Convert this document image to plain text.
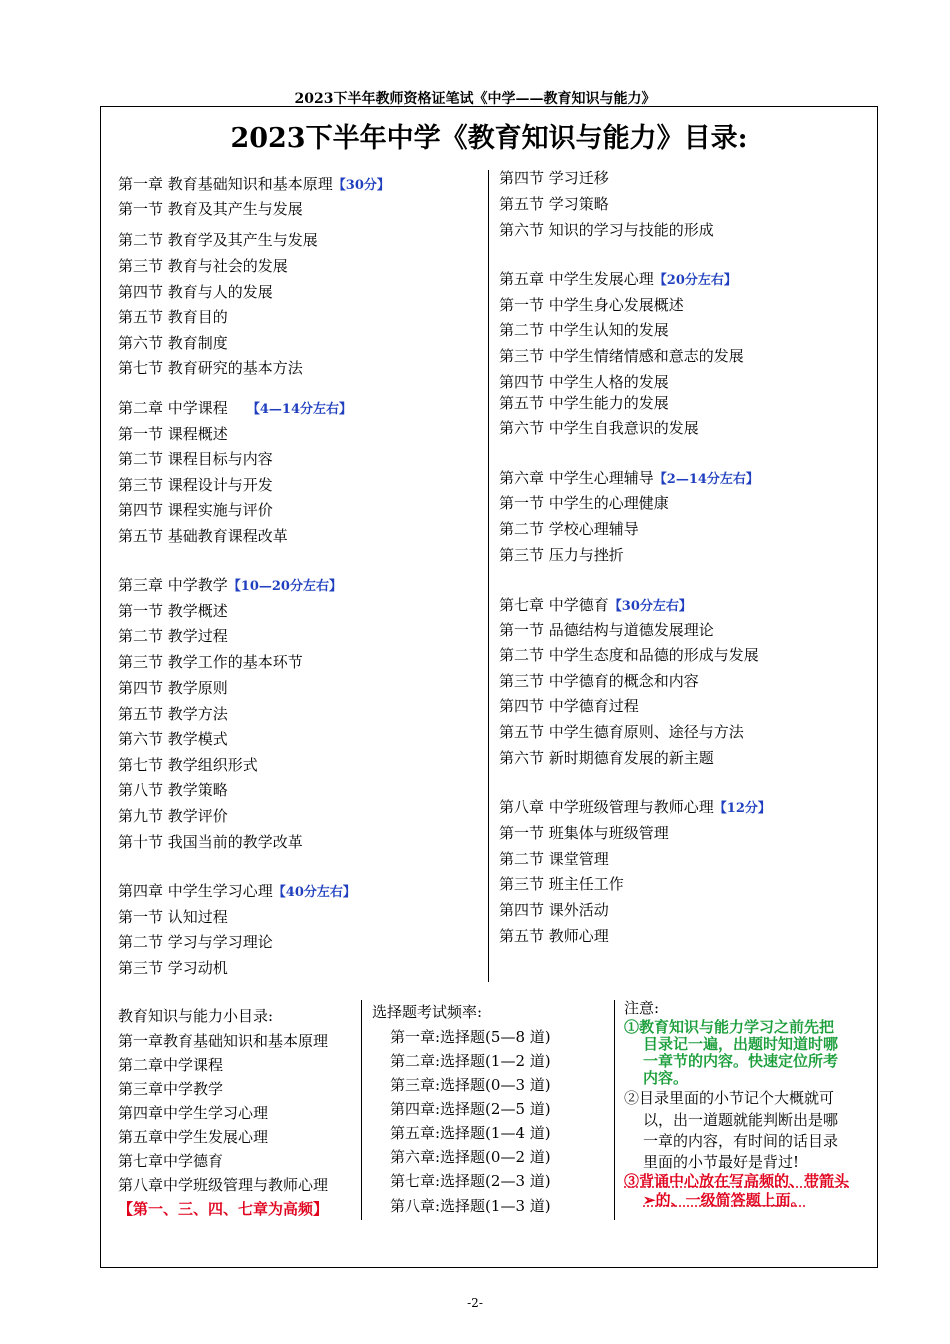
2023下半年教师资格证笔试《中学——教育知识与能力》
2023下半年中学《教育知识与能力》目录:
第一章 教育基础知识和基本原理【30分】
第一节 教育及其产生与发展
第二节 教育学及其产生与发展
第三节 教育与社会的发展
第四节 教育与人的发展
第五节 教育目的
第六节 教育制度
第七节 教育研究的基本方法
第二章 中学课程 【4—14分左右】
第一节 课程概述
第二节 课程目标与内容
第三节 课程设计与开发
第四节 课程实施与评价
第五节 基础教育课程改革
第三章 中学教学【10—20分左右】
第一节 教学概述
第二节 教学过程
第三节 教学工作的基本环节
第四节 教学原则
第五节 教学方法
第六节 教学模式
第七节 教学组织形式
第八节 教学策略
第九节 教学评价
第十节 我国当前的教学改革
第四章 中学生学习心理【40分左右】
第一节 认知过程
第二节 学习与学习理论
第三节 学习动机
第四节 学习迁移
第五节 学习策略
第六节 知识的学习与技能的形成
第五章 中学生发展心理【20分左右】
第一节 中学生身心发展概述
第二节 中学生认知的发展
第三节 中学生情绪情感和意志的发展
第四节 中学生人格的发展
第五节 中学生能力的发展
第六节 中学生自我意识的发展
第六章 中学生心理辅导【2—14分左右】
第一节 中学生的心理健康
第二节 学校心理辅导
第三节 压力与挫折
第七章 中学德育【30分左右】
第一节 品德结构与道德发展理论
第二节 中学生态度和品德的形成与发展
第三节 中学德育的概念和内容
第四节 中学德育过程
第五节 中学生德育原则、途径与方法
第六节 新时期德育发展的新主题
第八章 中学班级管理与教师心理【12分】
第一节 班集体与班级管理
第二节 课堂管理
第三节 班主任工作
第四节 课外活动
第五节 教师心理
教育知识与能力小目录:
第一章教育基础知识和基本原理
第二章中学课程
第三章中学教学
第四章中学生学习心理
第五章中学生发展心理
第七章中学德育
第八章中学班级管理与教师心理
【第一、三、四、七章为高频】
选择题考试频率:
第一章:选择题(5—8 道)
第二章:选择题(1—2 道)
第三章:选择题(0—3 道)
第四章:选择题(2—5 道)
第五章:选择题(1—4 道)
第六章:选择题(0—2 道)
第七章:选择题(2—3 道)
第八章:选择题(1—3 道)
注意:
①教育知识与能力学习之前先把
目录记一遍，出题时知道时哪
一章节的内容。快速定位所考
内容。
②目录里面的小节记个大概就可
以，出一道题就能判断出是哪
一章的内容，有时间的话目录
里面的小节最好是背过!
③背诵中心放在写高频的、带箭头
➢的、一级简答题上面。
-2-
